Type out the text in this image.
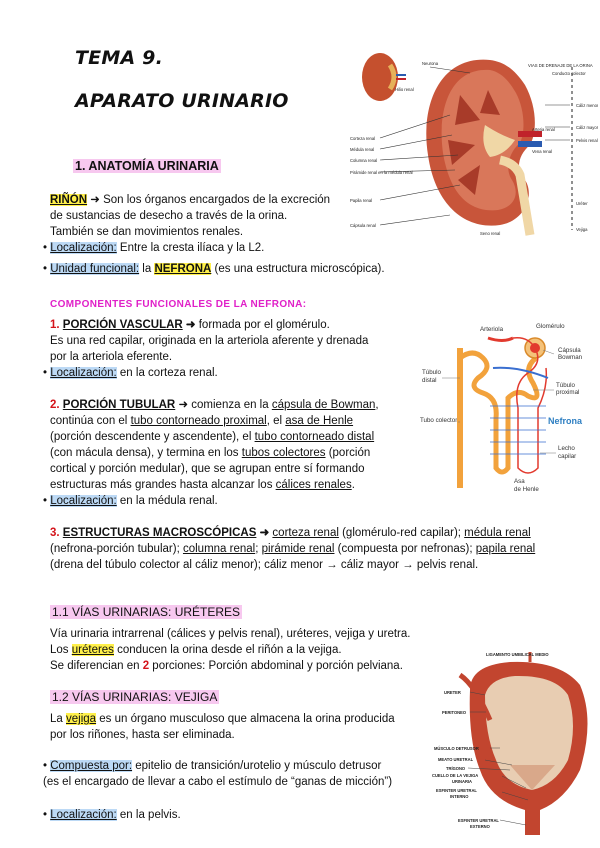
TEMA 9.
APARATO URINARIO
Neurona	VIAS DE DRENAJE DE LA ORINA
Conducto colector
Hilio renal
Corteza renal
Médula renal
Columna renal
Pirámide renal en la médula renal
Papila renal
Cápsula renal
Seno renal
Cáliz menor
Cáliz mayor
Pelvis renal
Arteria renal
Vena renal
Uréter
Vejiga
1. ANATOMÍA URINARIA
RIÑÓN ➜ Son los órganos encargados de la excreción
de sustancias de desecho a través de la orina.
También se dan movimientos renales.
• Localización: Entre la cresta ilíaca y la L2.
• Unidad funcional: la NEFRONA (es una estructura microscópica).
COMPONENTES FUNCIONALES DE LA NEFRONA:
Arteriola	Glomérulo
Cápsula
Bowman
Túbulo
distal
Túbulo
proximal
Tubo colector
Lecho
capilar
Asa
de Henle
Nefrona
1. PORCIÓN VASCULAR ➜ formada por el glomérulo.
Es una red capilar, originada en la arteriola aferente y drenada
por la arteriola eferente.
• Localización: en la corteza renal.
2. PORCIÓN TUBULAR ➜ comienza en la cápsula de Bowman,
continúa con el tubo contorneado proximal, el asa de Henle
(porción descendente y ascendente), el tubo contorneado distal
(con mácula densa), y termina en los tubos colectores (porción
cortical y porción medular), que se agrupan entre sí formando
estructuras más grandes hasta alcanzar los cálices renales.
• Localización: en la médula renal.
3. ESTRUCTURAS MACROSCÓPICAS ➜ corteza renal (glomérulo-red capilar); médula renal
(nefrona-porción tubular); columna renal; pirámide renal (compuesta por nefronas); papila renal
(drena del túbulo colector al cáliz menor); cáliz menor → cáliz mayor → pelvis renal.
1.1 VÍAS URINARIAS: URÉTERES
Vía urinaria intrarrenal (cálices y pelvis renal), uréteres, vejiga y uretra.
Los uréteres conducen la orina desde el riñón a la vejiga.
Se diferencian en 2 porciones: Porción abdominal y porción pelviana.
LIGAMENTO UMBILICAL MEDIO
URETER
PERITONEO
MÚSCULO DETRUSOR
MEATO URETRAL
TRÍGONO
CUELLO DE LA VEJIGA
URINARIA
ESFINTER URETRAL
INTERNO
ESFINTER URETRAL
EXTERNO
1.2 VÍAS URINARIAS: VEJIGA
La vejiga es un órgano musculoso que almacena la orina producida
por los riñones, hasta ser eliminada.
• Compuesta por: epitelio de transición/urotelio y músculo detrusor
(es el encargado de llevar a cabo el estímulo de “ganas de micción”)
• Localización: en la pelvis.
